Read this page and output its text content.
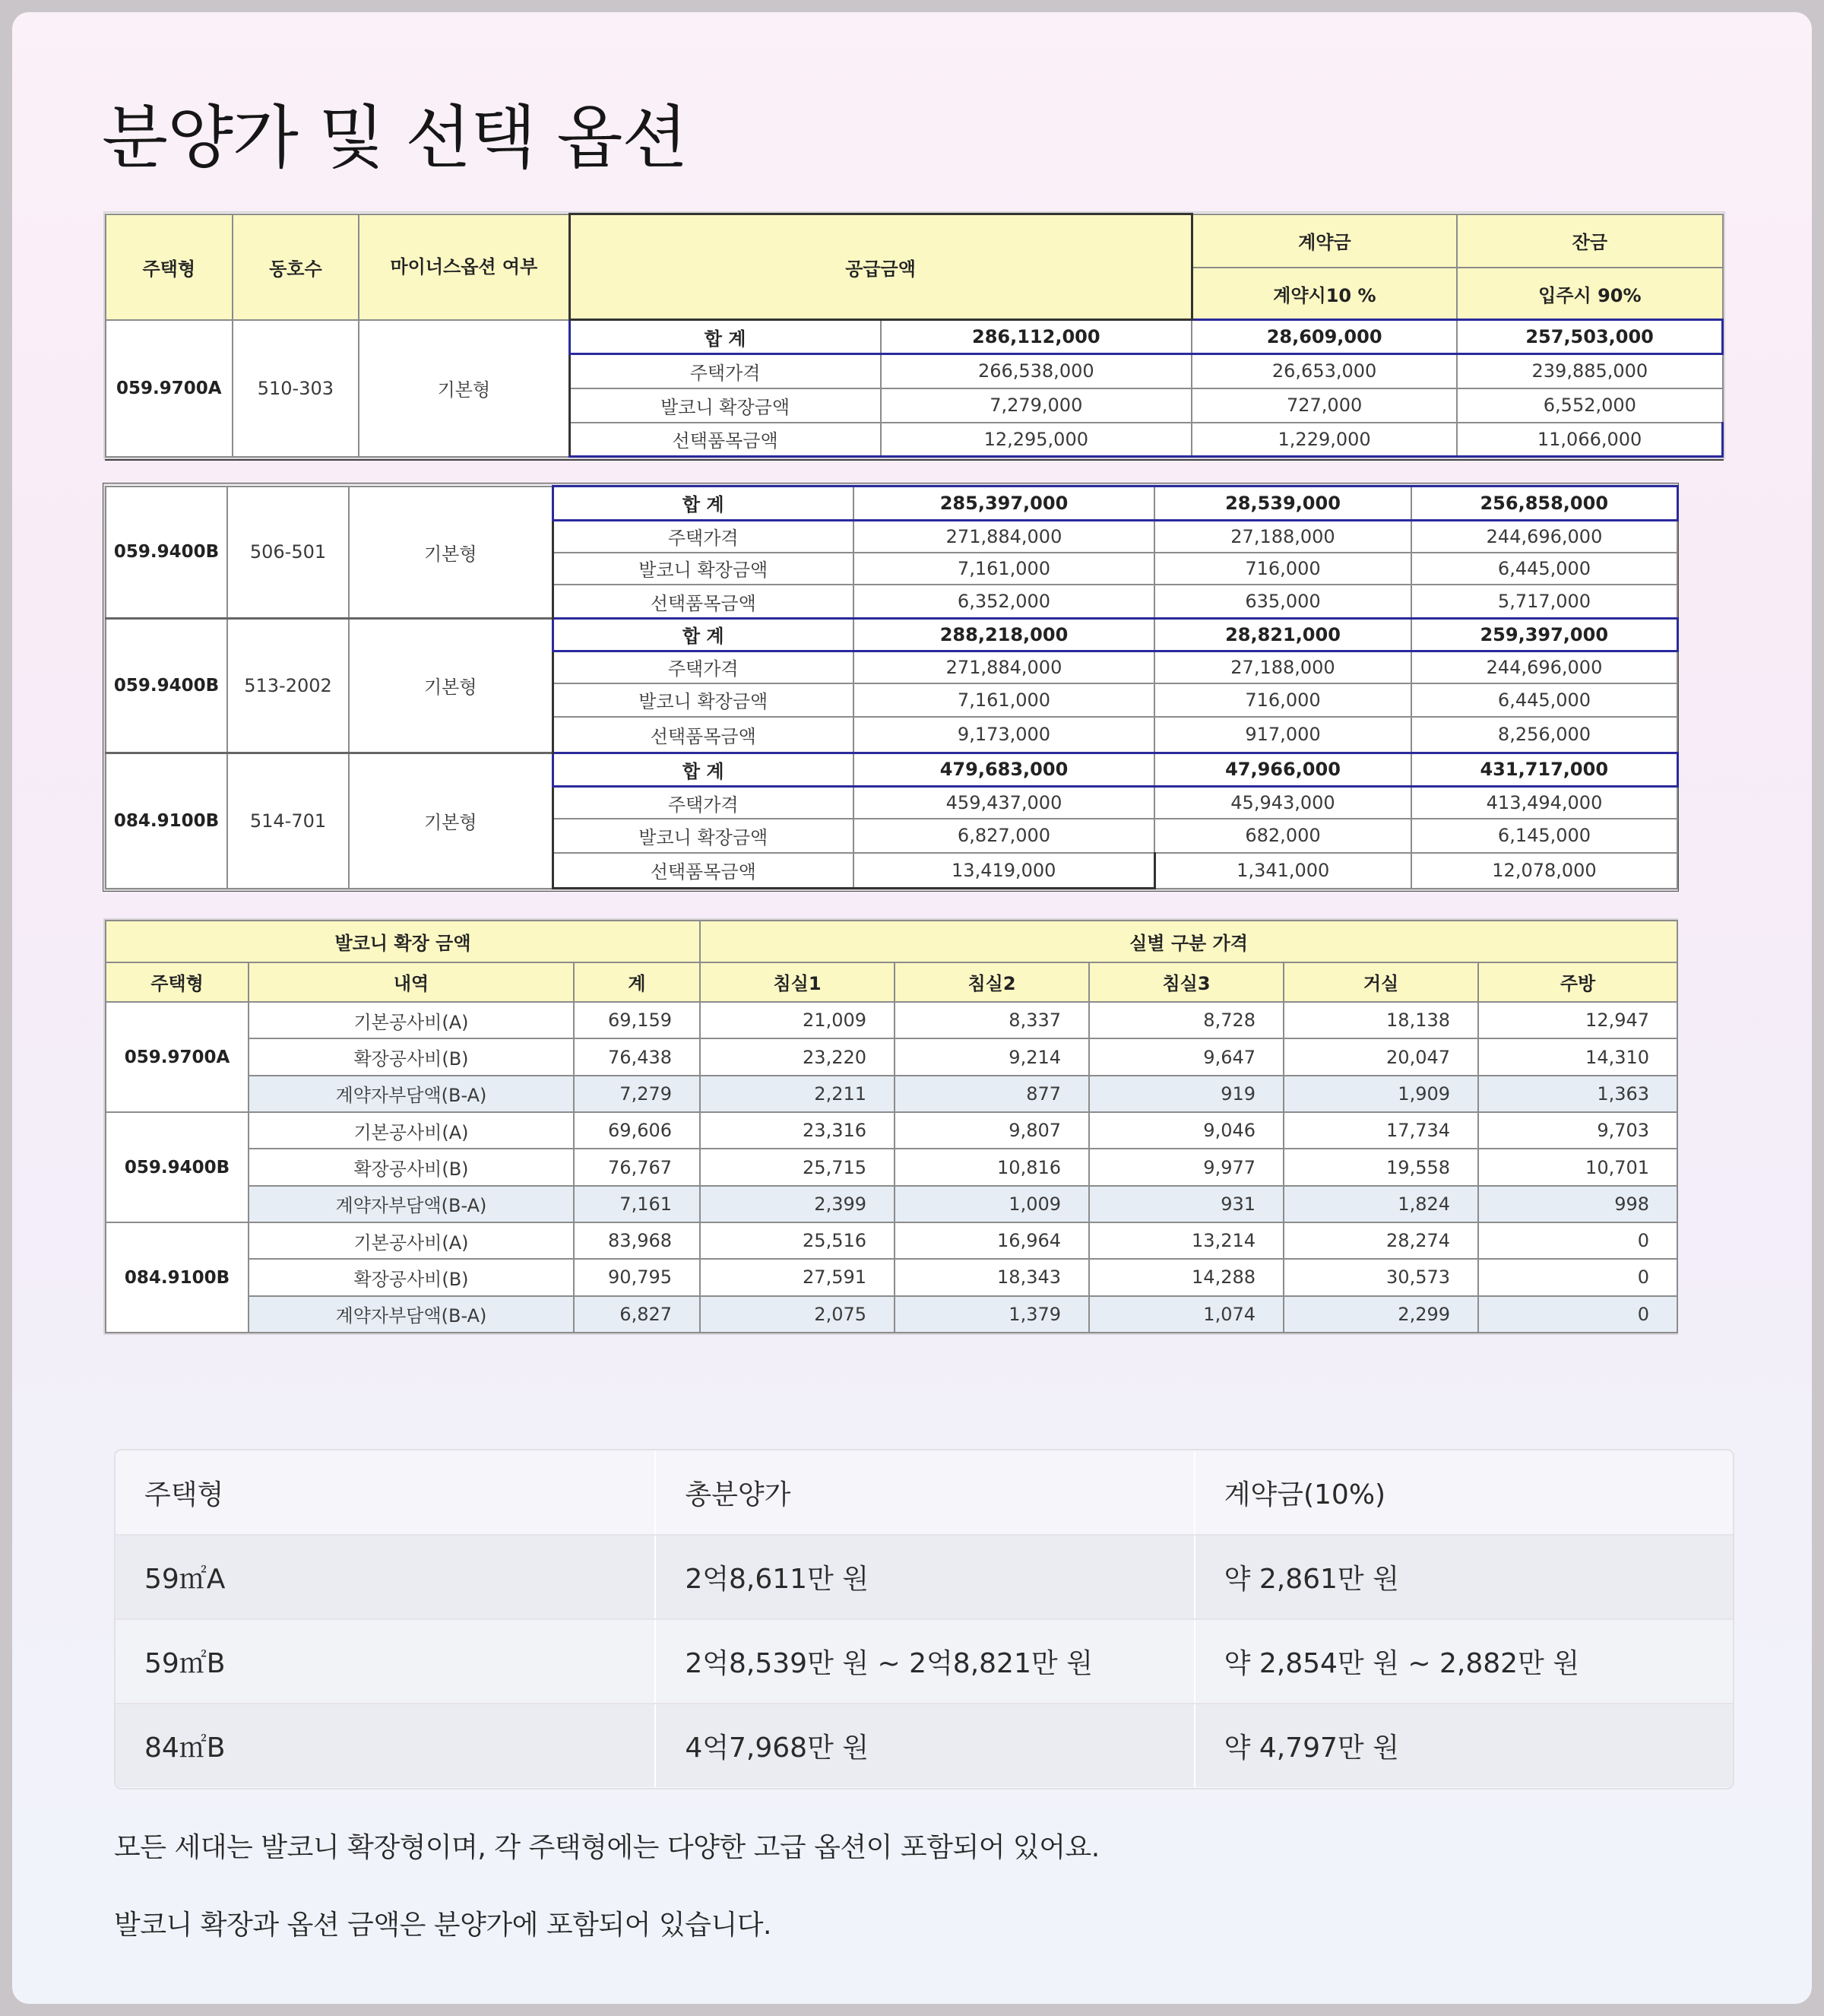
분양가 및 선택 옵션
주택형	동호수	마이너스옵션 여부	공급금액		계약금	잔금
					계약시10 %	입주시 90%
059.9700A	510-303	기본형	합 계	286,112,000	28,609,000	257,503,000
			주택가격	266,538,000	26,653,000	239,885,000
			발코니 확장금액	7,279,000	727,000	6,552,000
			선택품목금액	12,295,000	1,229,000	11,066,000
059.9400B	506-501	기본형	합 계	285,397,000	28,539,000	256,858,000
			주택가격	271,884,000	27,188,000	244,696,000
			발코니 확장금액	7,161,000	716,000	6,445,000
			선택품목금액	6,352,000	635,000	5,717,000
059.9400B	513-2002	기본형	합 계	288,218,000	28,821,000	259,397,000
			주택가격	271,884,000	27,188,000	244,696,000
			발코니 확장금액	7,161,000	716,000	6,445,000
			선택품목금액	9,173,000	917,000	8,256,000
084.9100B	514-701	기본형	합 계	479,683,000	47,966,000	431,717,000
			주택가격	459,437,000	45,943,000	413,494,000
			발코니 확장금액	6,827,000	682,000	6,145,000
			선택품목금액	13,419,000	1,341,000	12,078,000
발코니 확장 금액			실별 구분 가격				
주택형	내역	계	침실1	침실2	침실3	거실	주방
059.9700A	기본공사비(A)	69,159	21,009	8,337	8,728	18,138	12,947
	확장공사비(B)	76,438	23,220	9,214	9,647	20,047	14,310
	계약자부담액(B-A)	7,279	2,211	877	919	1,909	1,363
059.9400B	기본공사비(A)	69,606	23,316	9,807	9,046	17,734	9,703
	확장공사비(B)	76,767	25,715	10,816	9,977	19,558	10,701
	계약자부담액(B-A)	7,161	2,399	1,009	931	1,824	998
084.9100B	기본공사비(A)	83,968	25,516	16,964	13,214	28,274	0
	확장공사비(B)	90,795	27,591	18,343	14,288	30,573	0
	계약자부담액(B-A)	6,827	2,075	1,379	1,074	2,299	0
주택형	총분양가	계약금(10%)
59㎡A	2억8,611만 원	약 2,861만 원
59㎡B	2억8,539만 원 ~ 2억8,821만 원	약 2,854만 원 ~ 2,882만 원
84㎡B	4억7,968만 원	약 4,797만 원
모든 세대는 발코니 확장형이며, 각 주택형에는 다양한 고급 옵션이 포함되어 있어요.
발코니 확장과 옵션 금액은 분양가에 포함되어 있습니다.
